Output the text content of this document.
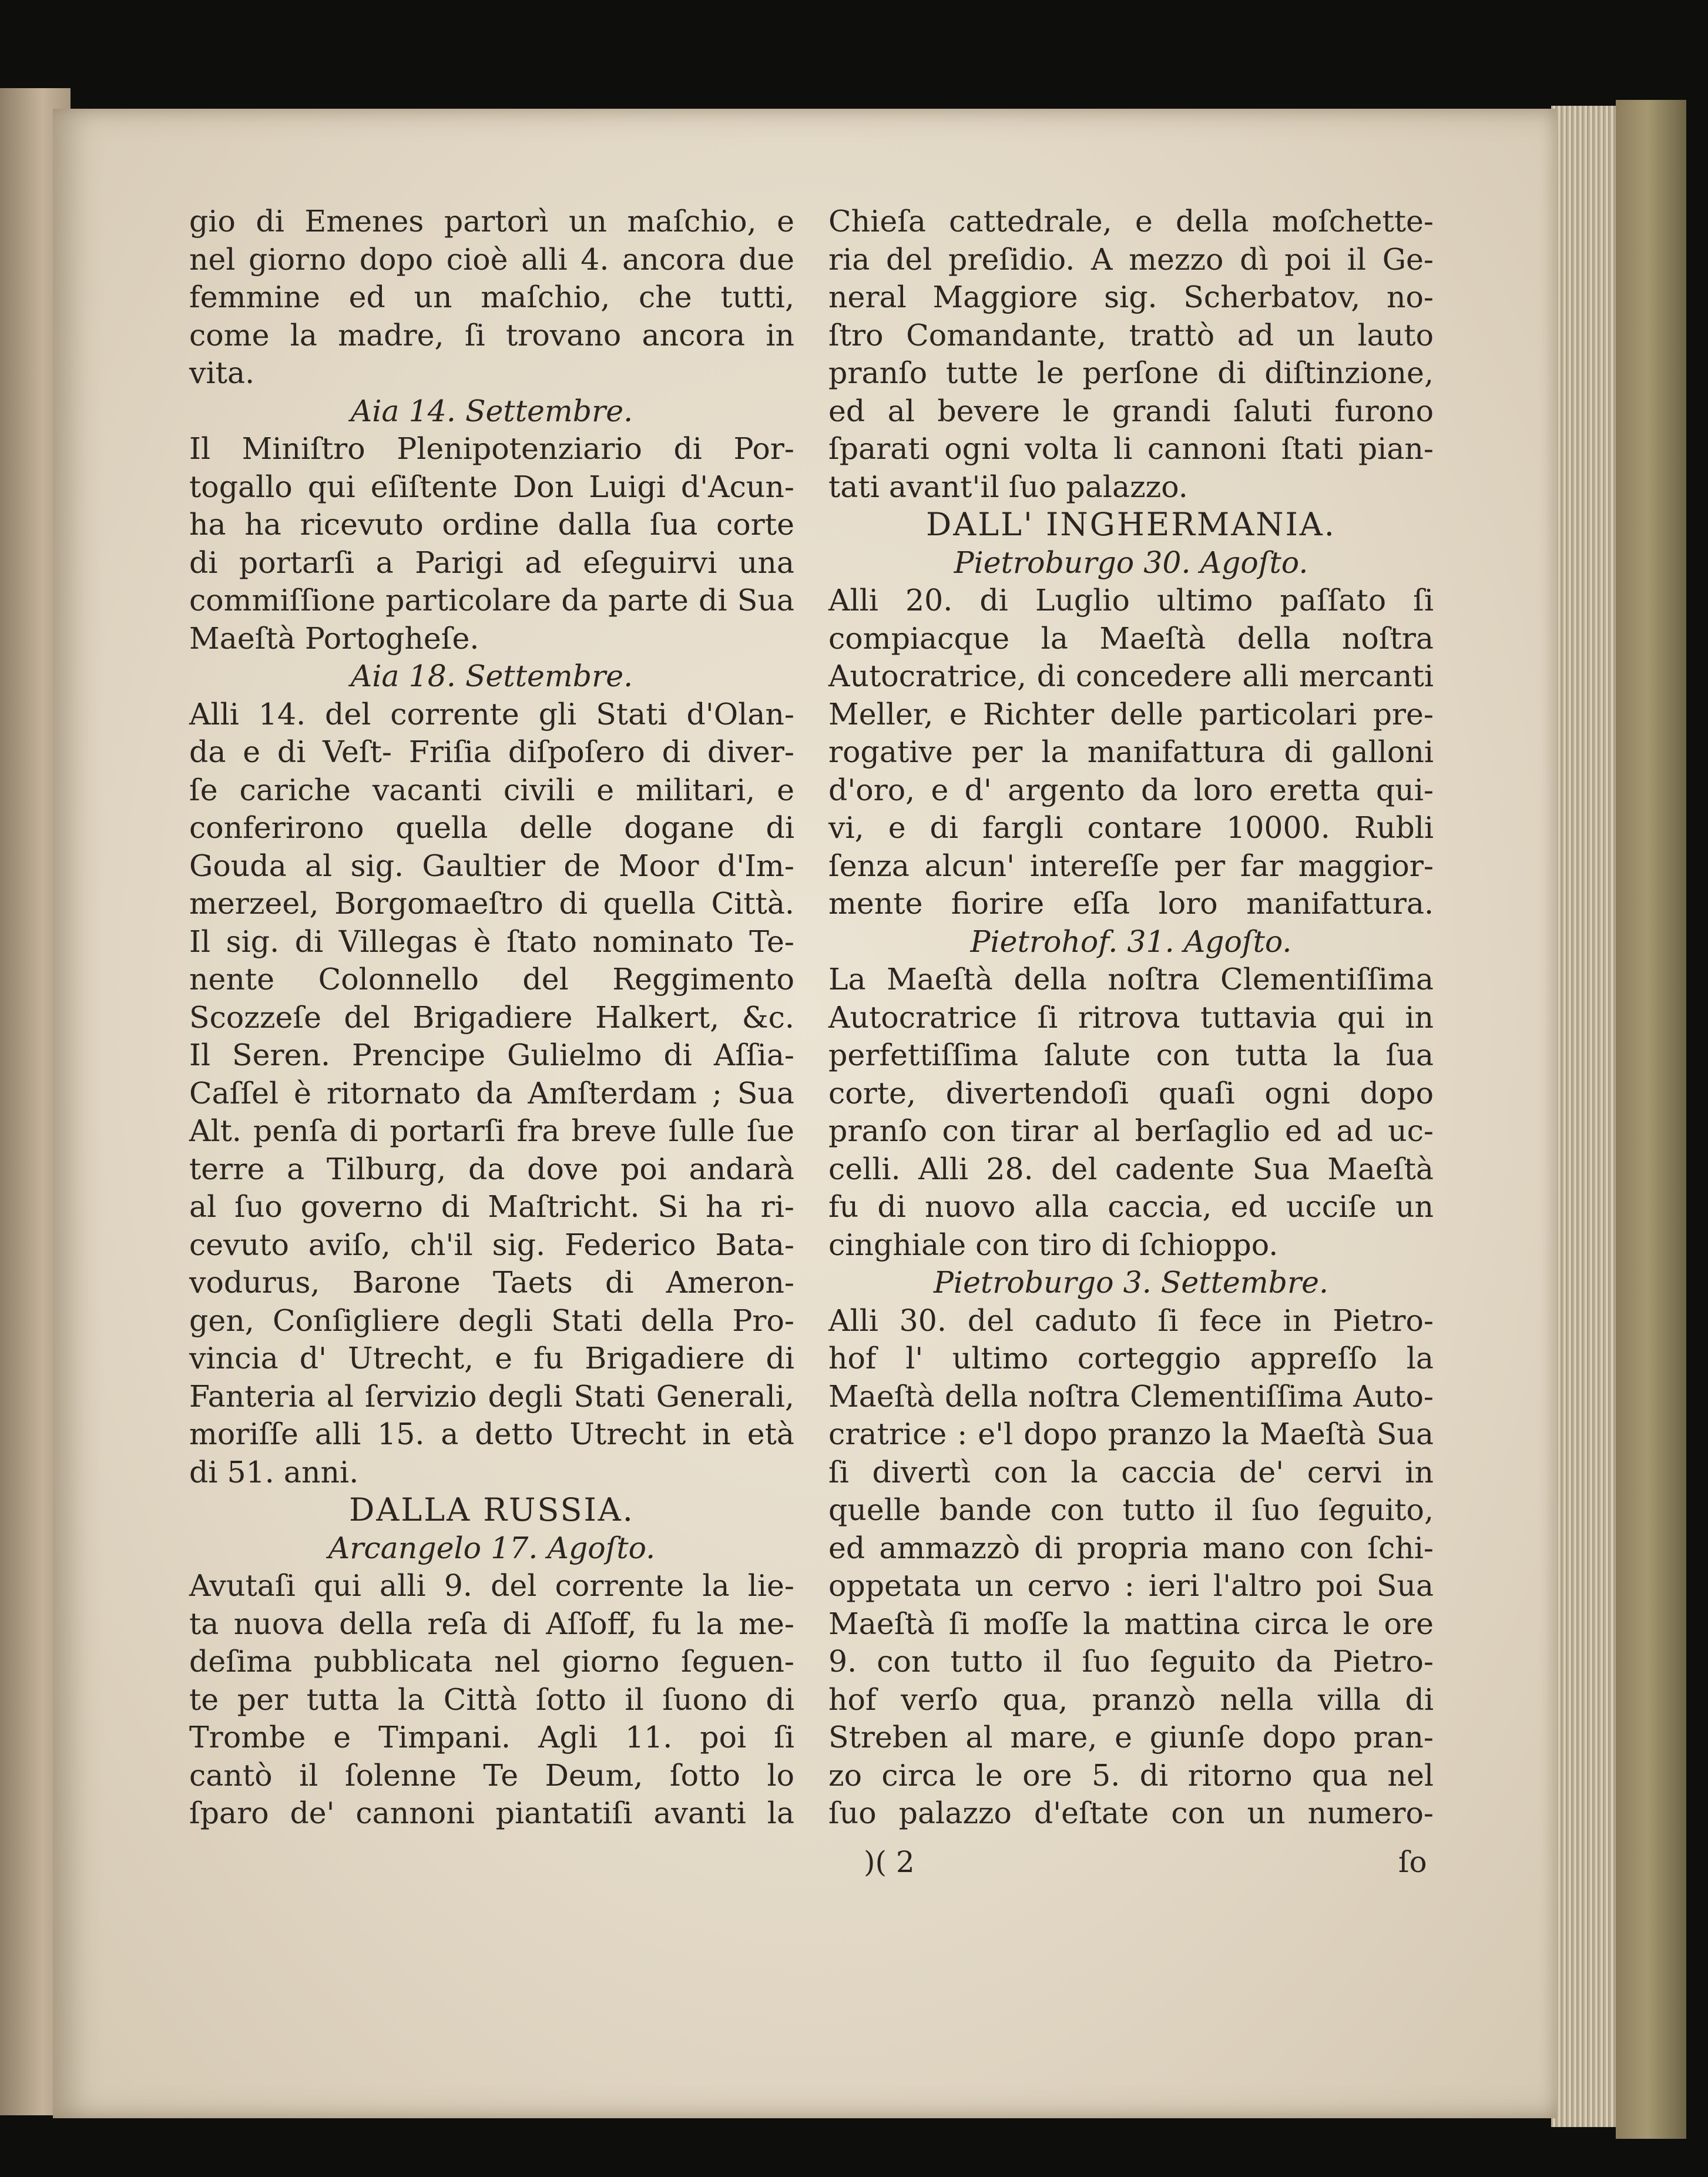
gio di Emenes partorì un maſchio, e
nel giorno dopo cioè alli 4. ancora due
femmine ed un maſchio, che tutti,
come la madre, ſi trovano ancora in
vita.
Aia 14. Settembre.
Il Miniſtro Plenipotenziario di Por-
togallo qui eſiſtente Don Luigi d'Acun-
ha ha ricevuto ordine dalla ſua corte
di portarſi a Parigi ad eſeguirvi una
commiſſione particolare da parte di Sua
Maeſtà Portogheſe.
Aia 18. Settembre.
Alli 14. del corrente gli Stati d'Olan-
da e di Veſt- Friſia diſpoſero di diver-
ſe cariche vacanti civili e militari, e
conferirono quella delle dogane di
Gouda al sig. Gaultier de Moor d'Im-
merzeel, Borgomaeſtro di quella Città.
Il sig. di Villegas è ſtato nominato Te-
nente Colonnello del Reggimento
Scozzeſe del Brigadiere Halkert, &c.
Il Seren. Prencipe Gulielmo di Aſſia-
Caſſel è ritornato da Amſterdam ; Sua
Alt. penſa di portarſi fra breve ſulle ſue
terre a Tilburg, da dove poi andarà
al ſuo governo di Maſtricht. Si ha ri-
cevuto aviſo, ch'il sig. Federico Bata-
vodurus, Barone Taets di Ameron-
gen, Conſigliere degli Stati della Pro-
vincia d' Utrecht, e fu Brigadiere di
Fanteria al ſervizio degli Stati Generali,
moriſſe alli 15. a detto Utrecht in età
di 51. anni.
DALLA RUSSIA.
Arcangelo 17. Agoſto.
Avutaſi qui alli 9. del corrente la lie-
ta nuova della reſa di Aſſoff, fu la me-
deſima pubblicata nel giorno ſeguen-
te per tutta la Città ſotto il ſuono di
Trombe e Timpani. Agli 11. poi ſi
cantò il ſolenne Te Deum, ſotto lo
ſparo de' cannoni piantatiſi avanti la
Chieſa cattedrale, e della moſchette-
ria del preſidio. A mezzo dì poi il Ge-
neral Maggiore sig. Scherbatov, no-
ſtro Comandante, trattò ad un lauto
pranſo tutte le perſone di diſtinzione,
ed al bevere le grandi ſaluti furono
ſparati ogni volta li cannoni ſtati pian-
tati avant'il ſuo palazzo.
DALL' INGHERMANIA.
Pietroburgo 30. Agoſto.
Alli 20. di Luglio ultimo paſſato ſi
compiacque la Maeſtà della noſtra
Autocratrice, di concedere alli mercanti
Meller, e Richter delle particolari pre-
rogative per la manifattura di galloni
d'oro, e d' argento da loro eretta qui-
vi, e di fargli contare 10000. Rubli
ſenza alcun' intereſſe per far maggior-
mente fiorire eſſa loro manifattura.
Pietrohof. 31. Agoſto.
La Maeſtà della noſtra Clementiſſima
Autocratrice ſi ritrova tuttavia qui in
perfettiſſima ſalute con tutta la ſua
corte, divertendoſi quaſi ogni dopo
pranſo con tirar al berſaglio ed ad uc-
celli. Alli 28. del cadente Sua Maeſtà
fu di nuovo alla caccia, ed ucciſe un
cinghiale con tiro di ſchioppo.
Pietroburgo 3. Settembre.
Alli 30. del caduto ſi fece in Pietro-
hof l' ultimo corteggio appreſſo la
Maeſtà della noſtra Clementiſſima Auto-
cratrice : e'l dopo pranzo la Maeſtà Sua
ſi divertì con la caccia de' cervi in
quelle bande con tutto il ſuo ſeguito,
ed ammazzò di propria mano con ſchi-
oppetata un cervo : ieri l'altro poi Sua
Maeſtà ſi moſſe la mattina circa le ore
9. con tutto il ſuo ſeguito da Pietro-
hof verſo qua, pranzò nella villa di
Streben al mare, e giunſe dopo pran-
zo circa le ore 5. di ritorno qua nel
ſuo palazzo d'eſtate con un numero-
)( 2	ſo
